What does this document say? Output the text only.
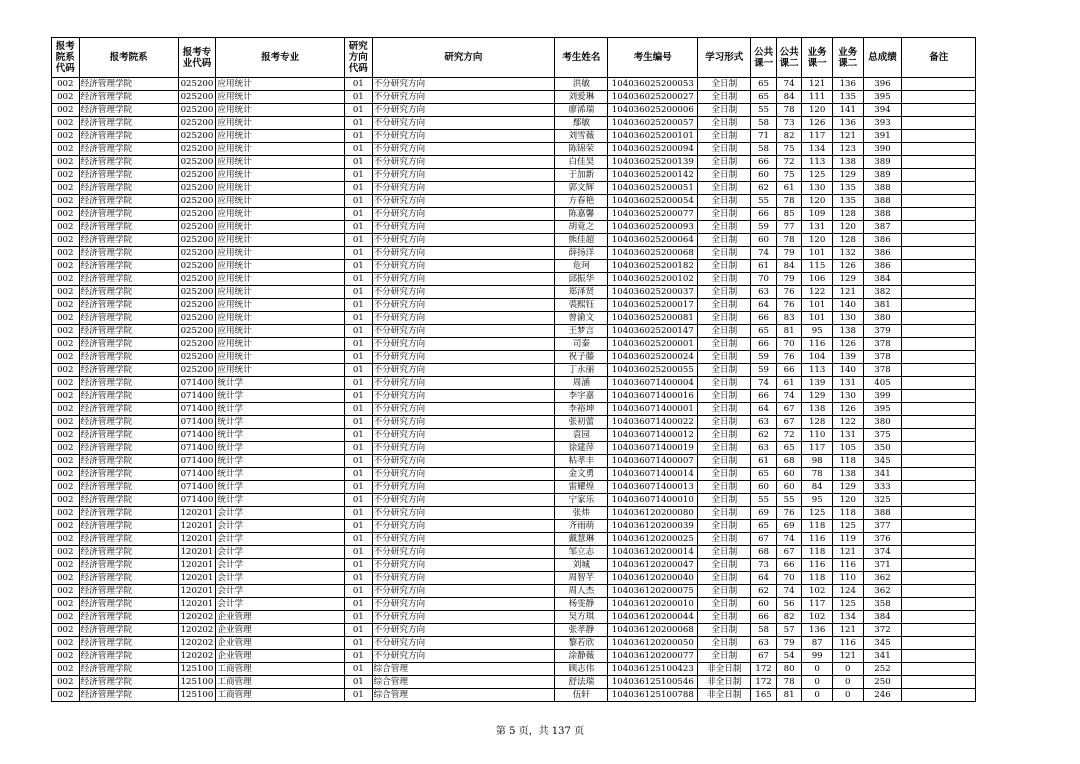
报考院系代码	报考院系	报考专业代码	报考专业	研究方向代码	研究方向	考生姓名	考生编号	学习形式	公共课一	公共课二	业务课一	业务课二	总成绩	备注
002	经济管理学院	025200	应用统计	01	不分研究方向	洪敏	104036025200053	全日制	65	74	121	136	396	
002	经济管理学院	025200	应用统计	01	不分研究方向	刘爱琳	104036025200027	全日制	65	84	111	135	395	
002	经济管理学院	025200	应用统计	01	不分研究方向	廖浠瑞	104036025200006	全日制	55	78	120	141	394	
002	经济管理学院	025200	应用统计	01	不分研究方向	鄢敏	104036025200057	全日制	58	73	126	136	393	
002	经济管理学院	025200	应用统计	01	不分研究方向	刘雪薇	104036025200101	全日制	71	82	117	121	391	
002	经济管理学院	025200	应用统计	01	不分研究方向	陈锦荣	104036025200094	全日制	58	75	134	123	390	
002	经济管理学院	025200	应用统计	01	不分研究方向	白佳昊	104036025200139	全日制	66	72	113	138	389	
002	经济管理学院	025200	应用统计	01	不分研究方向	于加新	104036025200142	全日制	60	75	125	129	389	
002	经济管理学院	025200	应用统计	01	不分研究方向	郭文辉	104036025200051	全日制	62	61	130	135	388	
002	经济管理学院	025200	应用统计	01	不分研究方向	方春艳	104036025200054	全日制	55	78	120	135	388	
002	经济管理学院	025200	应用统计	01	不分研究方向	陈嘉馨	104036025200077	全日制	66	85	109	128	388	
002	经济管理学院	025200	应用统计	01	不分研究方向	胡竟之	104036025200093	全日制	59	77	131	120	387	
002	经济管理学院	025200	应用统计	01	不分研究方向	熊佳超	104036025200064	全日制	60	78	120	128	386	
002	经济管理学院	025200	应用统计	01	不分研究方向	薛扬洋	104036025200068	全日制	74	79	101	132	386	
002	经济管理学院	025200	应用统计	01	不分研究方向	危珂	104036025200182	全日制	61	84	115	126	386	
002	经济管理学院	025200	应用统计	01	不分研究方向	邱振华	104036025200102	全日制	70	79	106	129	384	
002	经济管理学院	025200	应用统计	01	不分研究方向	郑泽贤	104036025200037	全日制	63	76	122	121	382	
002	经济管理学院	025200	应用统计	01	不分研究方向	裘熙钰	104036025200017	全日制	64	76	101	140	381	
002	经济管理学院	025200	应用统计	01	不分研究方向	曾渝文	104036025200081	全日制	66	83	101	130	380	
002	经济管理学院	025200	应用统计	01	不分研究方向	王梦言	104036025200147	全日制	65	81	95	138	379	
002	经济管理学院	025200	应用统计	01	不分研究方向	司秦	104036025200001	全日制	66	70	116	126	378	
002	经济管理学院	025200	应用统计	01	不分研究方向	祝子藤	104036025200024	全日制	59	76	104	139	378	
002	经济管理学院	025200	应用统计	01	不分研究方向	丁永丽	104036025200055	全日制	59	66	113	140	378	
002	经济管理学院	071400	统计学	01	不分研究方向	周涵	104036071400004	全日制	74	61	139	131	405	
002	经济管理学院	071400	统计学	01	不分研究方向	李宇嘉	104036071400016	全日制	66	74	129	130	399	
002	经济管理学院	071400	统计学	01	不分研究方向	李裕坤	104036071400001	全日制	64	67	138	126	395	
002	经济管理学院	071400	统计学	01	不分研究方向	张初蕾	104036071400022	全日制	63	67	128	122	380	
002	经济管理学院	071400	统计学	01	不分研究方向	袁园	104036071400012	全日制	62	72	110	131	375	
002	经济管理学院	071400	统计学	01	不分研究方向	徐建萍	104036071400019	全日制	63	65	117	105	350	
002	经济管理学院	071400	统计学	01	不分研究方向	粘孝丰	104036071400007	全日制	61	68	98	118	345	
002	经济管理学院	071400	统计学	01	不分研究方向	金文勇	104036071400014	全日制	65	60	78	138	341	
002	经济管理学院	071400	统计学	01	不分研究方向	雷耀煌	104036071400013	全日制	60	60	84	129	333	
002	经济管理学院	071400	统计学	01	不分研究方向	宁家乐	104036071400010	全日制	55	55	95	120	325	
002	经济管理学院	120201	会计学	01	不分研究方向	张炜	104036120200080	全日制	69	76	125	118	388	
002	经济管理学院	120201	会计学	01	不分研究方向	齐雨萌	104036120200039	全日制	65	69	118	125	377	
002	经济管理学院	120201	会计学	01	不分研究方向	戴慧琳	104036120200025	全日制	67	74	116	119	376	
002	经济管理学院	120201	会计学	01	不分研究方向	邹立志	104036120200014	全日制	68	67	118	121	374	
002	经济管理学院	120201	会计学	01	不分研究方向	刘城	104036120200047	全日制	73	66	116	116	371	
002	经济管理学院	120201	会计学	01	不分研究方向	周智芊	104036120200040	全日制	64	70	118	110	362	
002	经济管理学院	120201	会计学	01	不分研究方向	周人杰	104036120200075	全日制	62	74	102	124	362	
002	经济管理学院	120201	会计学	01	不分研究方向	杨雯静	104036120200010	全日制	60	56	117	125	358	
002	经济管理学院	120202	企业管理	01	不分研究方向	吴方琪	104036120200044	全日制	66	82	102	134	384	
002	经济管理学院	120202	企业管理	01	不分研究方向	张孝静	104036120200068	全日制	58	57	136	121	372	
002	经济管理学院	120202	企业管理	01	不分研究方向	黎若欣	104036120200050	全日制	63	79	87	116	345	
002	经济管理学院	120202	企业管理	01	不分研究方向	涂静薇	104036120200077	全日制	67	54	99	121	341	
002	经济管理学院	125100	工商管理	01	综合管理	顾志伟	104036125100423	非全日制	172	80	0	0	252	
002	经济管理学院	125100	工商管理	01	综合管理	舒法瑞	104036125100546	非全日制	172	78	0	0	250	
002	经济管理学院	125100	工商管理	01	综合管理	伍轩	104036125100788	非全日制	165	81	0	0	246	
第 5 页，共 137 页
